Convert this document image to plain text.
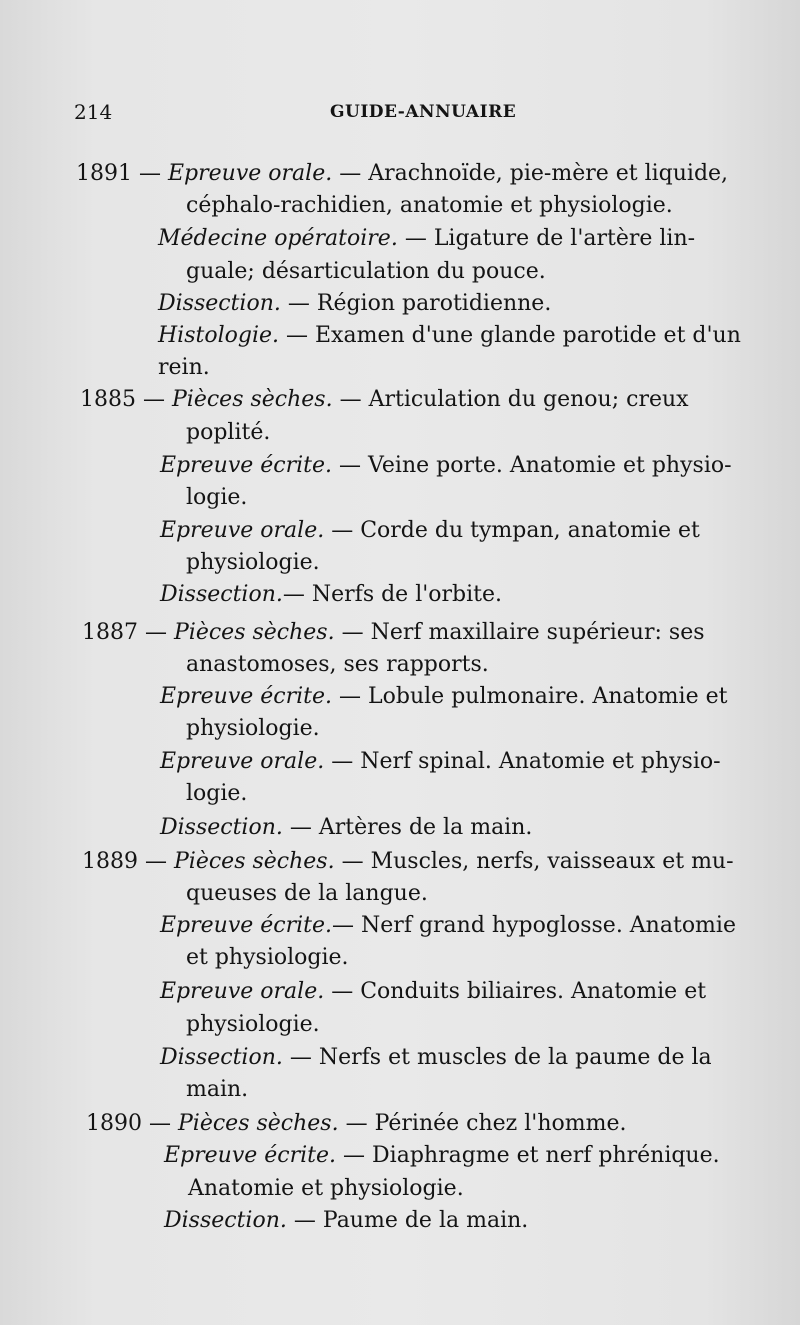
214	GUIDE-ANNUAIRE
1891 — Epreuve orale. — Arachnoïde, pie-mère et liquide,
céphalo-rachidien, anatomie et physiologie.
Médecine opératoire. — Ligature de l'artère lin-
guale; désarticulation du pouce.
Dissection. — Région parotidienne.
Histologie. — Examen d'une glande parotide et d'un
rein.
1885 — Pièces sèches. — Articulation du genou; creux
poplité.
Epreuve écrite. — Veine porte. Anatomie et physio-
logie.
Epreuve orale. — Corde du tympan, anatomie et
physiologie.
Dissection.— Nerfs de l'orbite.
1887 — Pièces sèches. — Nerf maxillaire supérieur: ses
anastomoses, ses rapports.
Epreuve écrite. — Lobule pulmonaire. Anatomie et
physiologie.
Epreuve orale. — Nerf spinal. Anatomie et physio-
logie.
Dissection. — Artères de la main.
1889 — Pièces sèches. — Muscles, nerfs, vaisseaux et mu-
queuses de la langue.
Epreuve écrite.— Nerf grand hypoglosse. Anatomie
et physiologie.
Epreuve orale. — Conduits biliaires. Anatomie et
physiologie.
Dissection. — Nerfs et muscles de la paume de la
main.
1890 — Pièces sèches. — Périnée chez l'homme.
Epreuve écrite. — Diaphragme et nerf phrénique.
Anatomie et physiologie.
Dissection. — Paume de la main.
